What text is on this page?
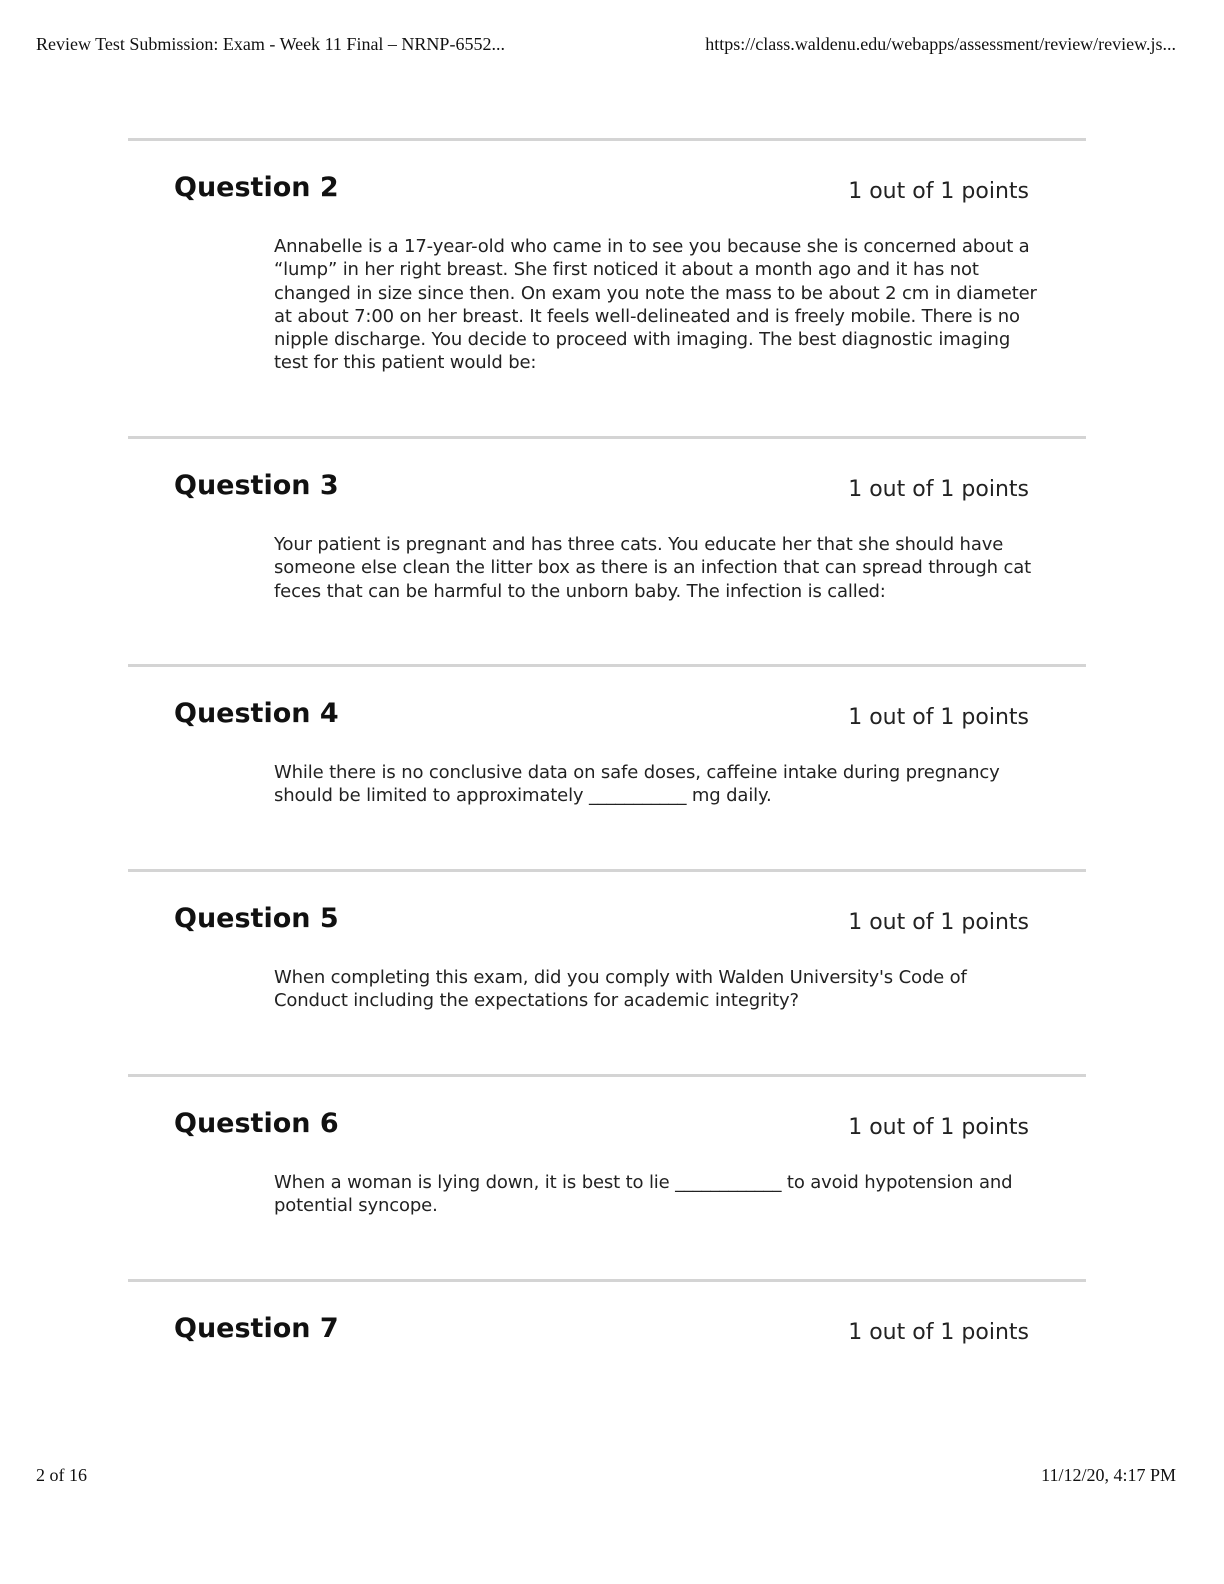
Review Test Submission: Exam - Week 11 Final – NRNP-6552...	https://class.waldenu.edu/webapps/assessment/review/review.js...
Question 2	1 out of 1 points
Annabelle is a 17-year-old who came in to see you because she is concerned about a “lump” in her right breast. She first noticed it about a month ago and it has not changed in size since then. On exam you note the mass to be about 2 cm in diameter at about 7:00 on her breast. It feels well-delineated and is freely mobile. There is no nipple discharge. You decide to proceed with imaging. The best diagnostic imaging test for this patient would be:
Question 3	1 out of 1 points
Your patient is pregnant and has three cats. You educate her that she should have someone else clean the litter box as there is an infection that can spread through cat feces that can be harmful to the unborn baby. The infection is called:
Question 4	1 out of 1 points
While there is no conclusive data on safe doses, caffeine intake during pregnancy should be limited to approximately ___________ mg daily.
Question 5	1 out of 1 points
When completing this exam, did you comply with Walden University's Code of Conduct including the expectations for academic integrity?
Question 6	1 out of 1 points
When a woman is lying down, it is best to lie ____________ to avoid hypotension and potential syncope.
Question 7	1 out of 1 points
2 of 16	11/12/20, 4:17 PM
